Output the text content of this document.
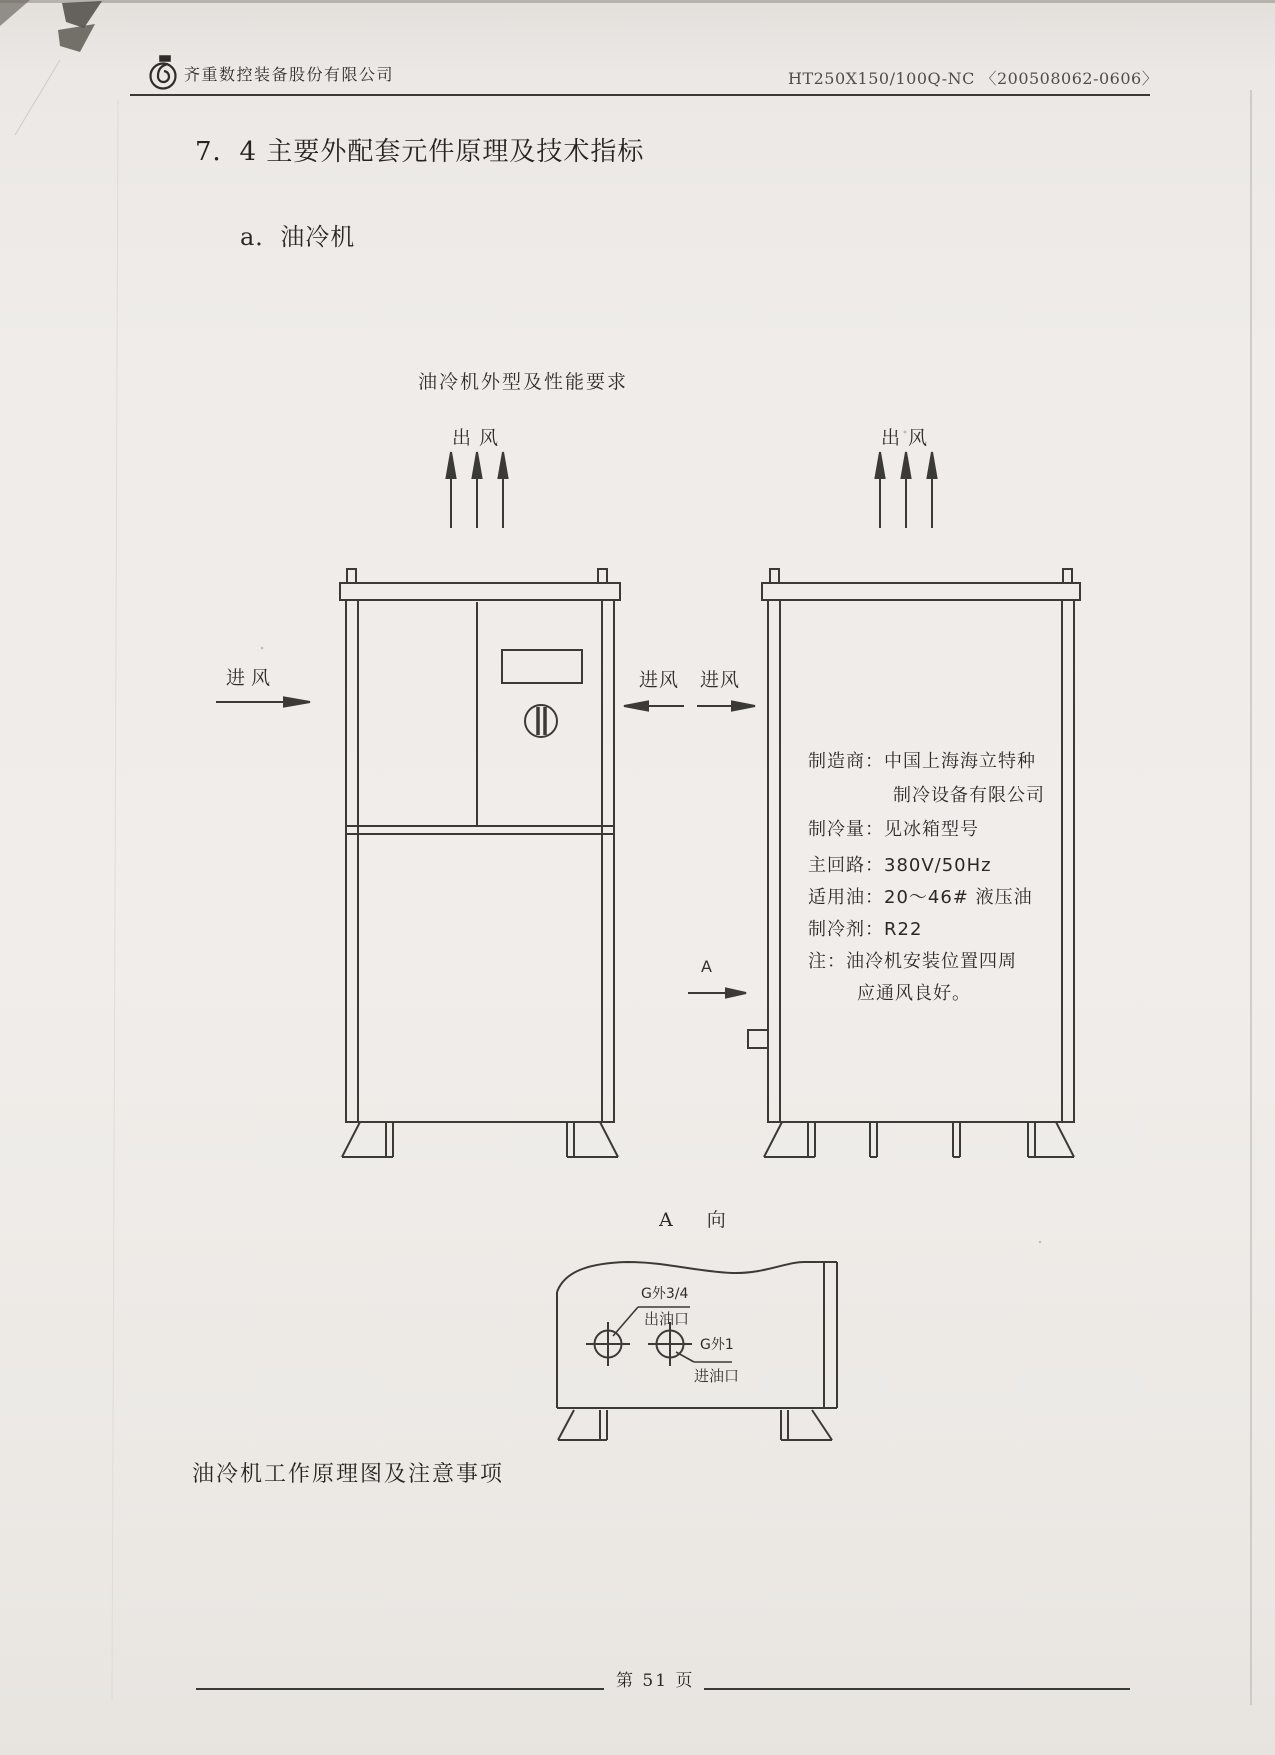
齐重数控装备股份有限公司	HT250X150/100Q-NC 〈200508062-0606〉
7．4 主要外配套元件原理及技术指标
a．油冷机
油冷机外型及性能要求
出 风	出 风
进风	进风 进风
制造商：中国上海海立特种
制冷设备有限公司
制冷量：见冰箱型号
主回路：380V/50Hz
适用油：20～46# 液压油
制冷剂：R22
注：油冷机安装位置四周
应通风良好。
A
A 向
G外3/4
出油口
G外1
进油口
油冷机工作原理图及注意事项
第 51 页
